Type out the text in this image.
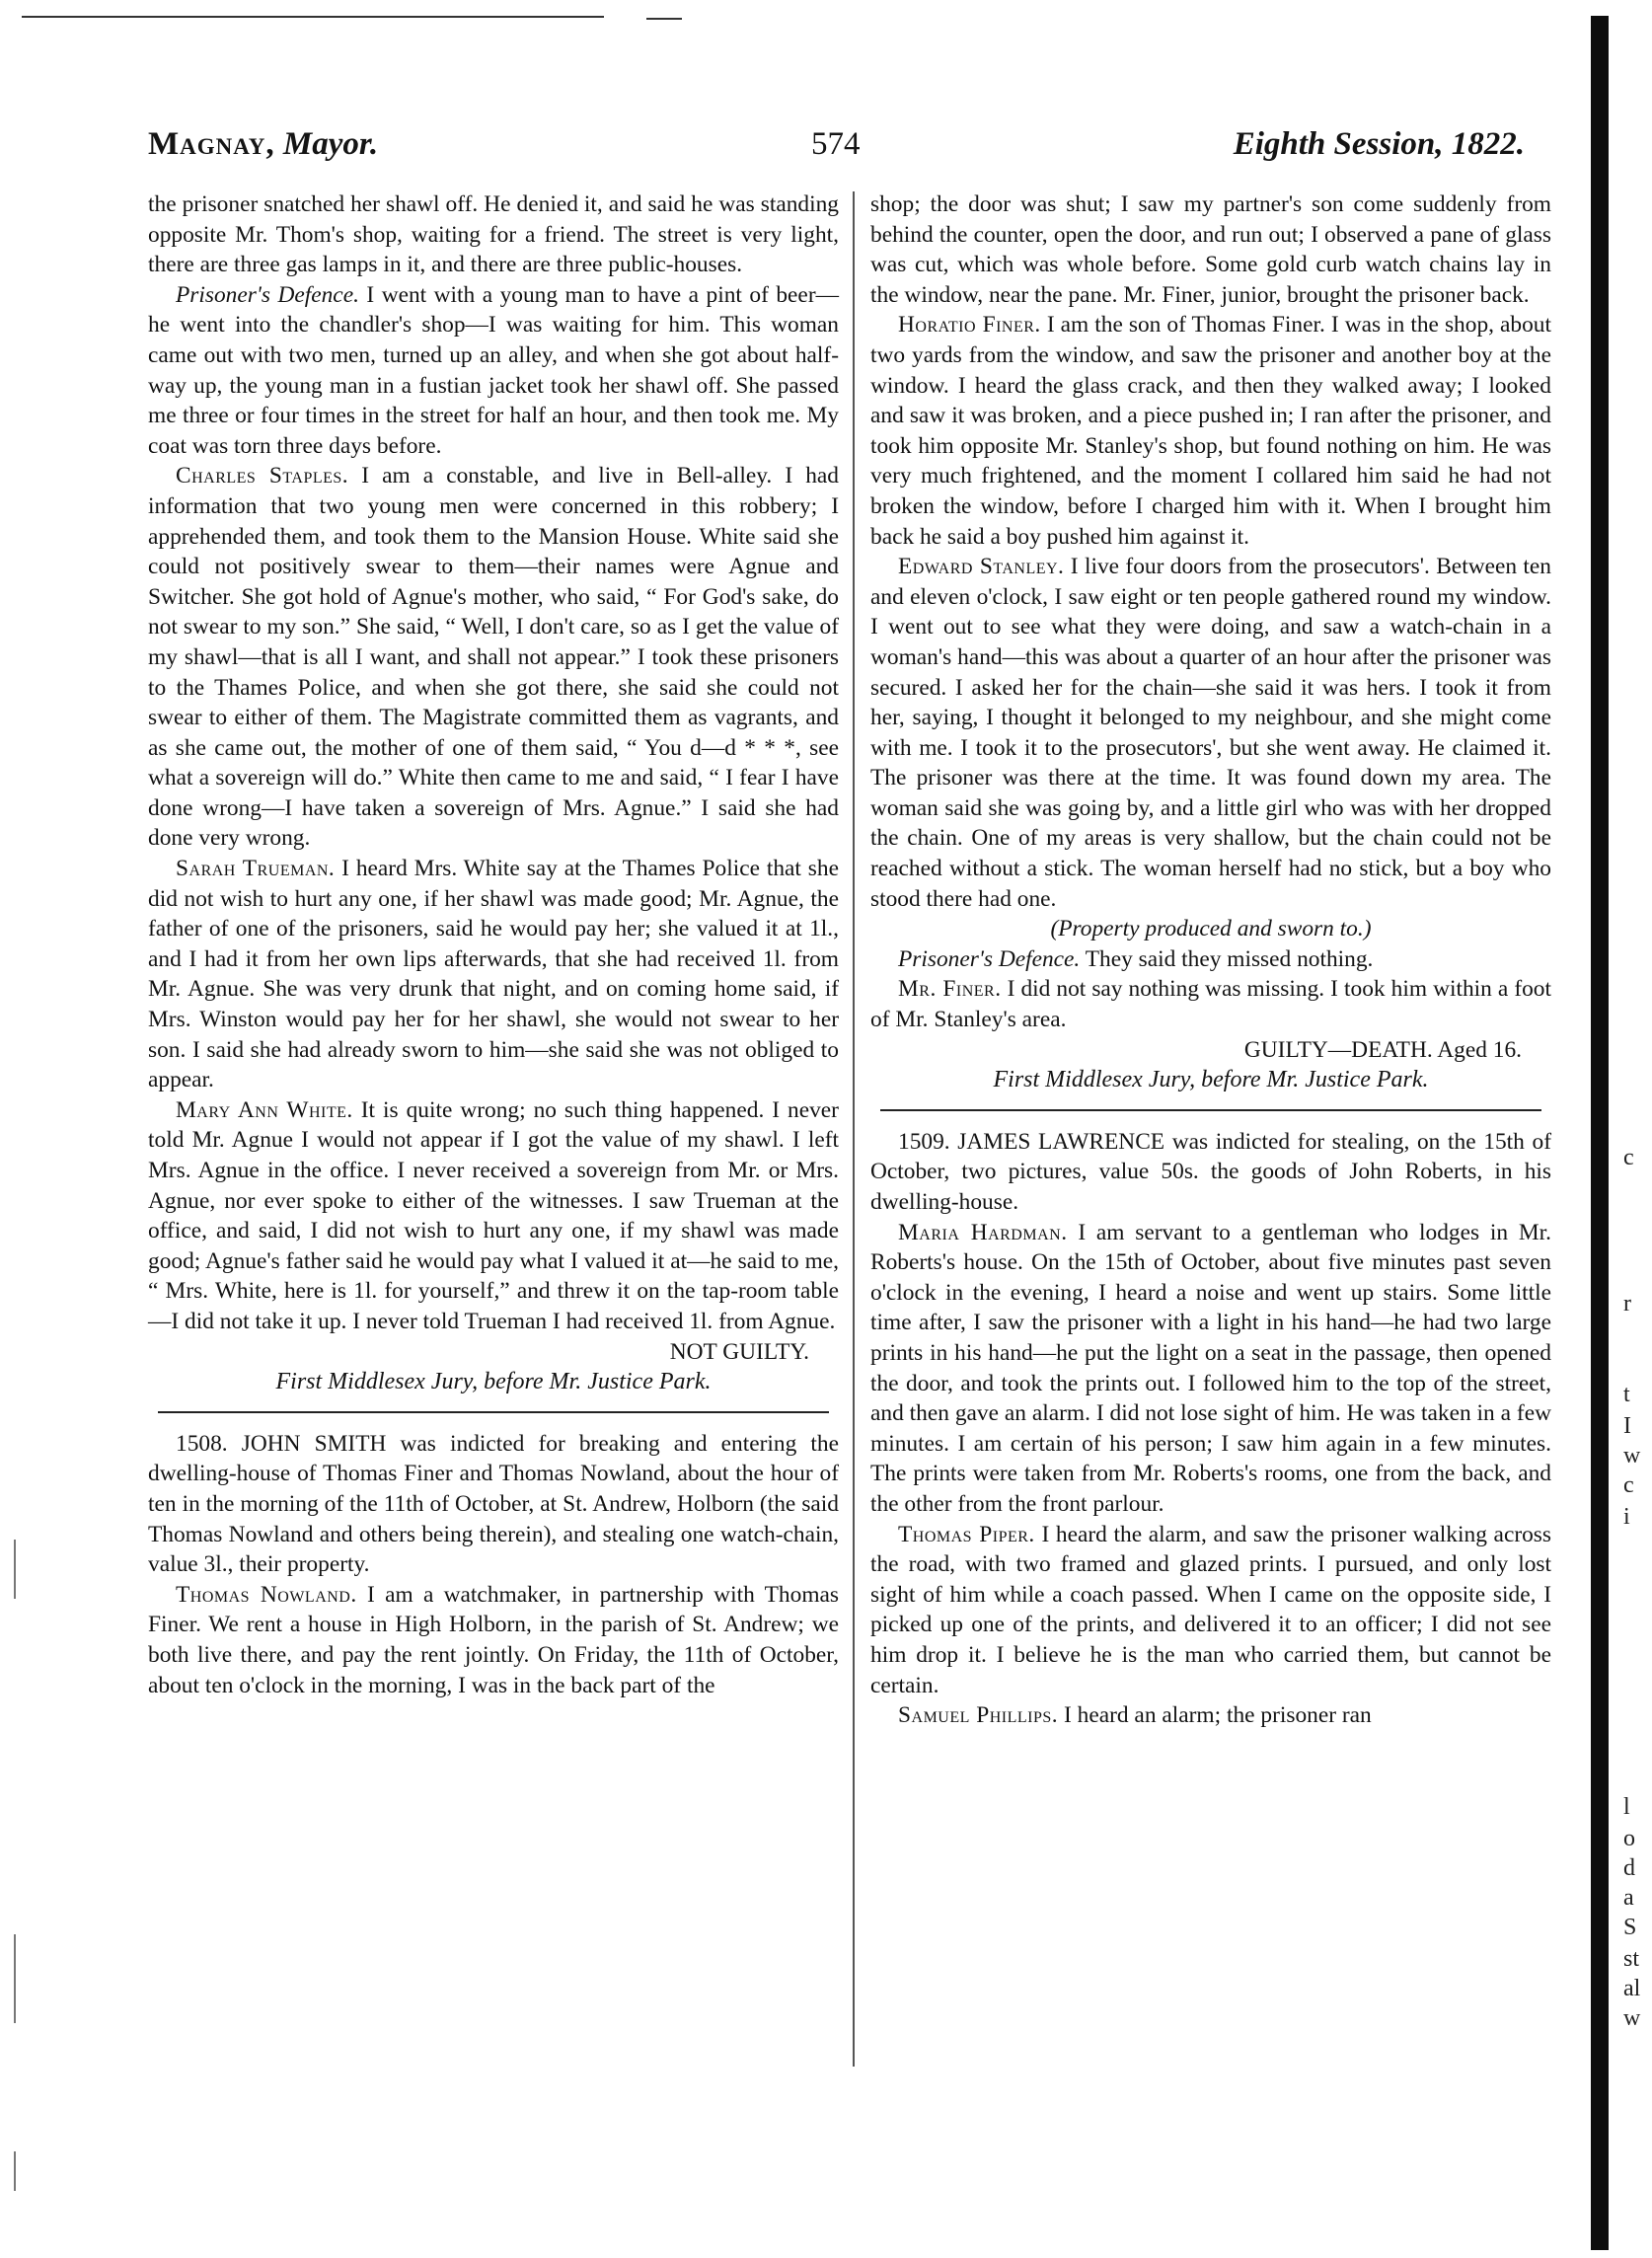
Magnay, Mayor.	574	Eighth Session, 1822.

the prisoner snatched her shawl off. He denied it, and said he was standing opposite Mr. Thom's shop, waiting for a friend. The street is very light, there are three gas lamps in it, and there are three public-houses.

Prisoner's Defence. I went with a young man to have a pint of beer—he went into the chandler's shop—I was waiting for him. This woman came out with two men, turned up an alley, and when she got about half-way up, the young man in a fustian jacket took her shawl off. She passed me three or four times in the street for half an hour, and then took me. My coat was torn three days before.

Charles Staples. I am a constable, and live in Bell-alley. I had information that two young men were concerned in this robbery; I apprehended them, and took them to the Mansion House. White said she could not positively swear to them—their names were Agnue and Switcher. She got hold of Agnue's mother, who said, “ For God's sake, do not swear to my son.” She said, “ Well, I don't care, so as I get the value of my shawl—that is all I want, and shall not appear.” I took these prisoners to the Thames Police, and when she got there, she said she could not swear to either of them. The Magistrate committed them as vagrants, and as she came out, the mother of one of them said, “ You d—d * * *, see what a sovereign will do.” White then came to me and said, “ I fear I have done wrong—I have taken a sovereign of Mrs. Agnue.” I said she had done very wrong.

Sarah Trueman. I heard Mrs. White say at the Thames Police that she did not wish to hurt any one, if her shawl was made good; Mr. Agnue, the father of one of the prisoners, said he would pay her; she valued it at 1l., and I had it from her own lips afterwards, that she had received 1l. from Mr. Agnue. She was very drunk that night, and on coming home said, if Mrs. Winston would pay her for her shawl, she would not swear to her son. I said she had already sworn to him—she said she was not obliged to appear.

Mary Ann White. It is quite wrong; no such thing happened. I never told Mr. Agnue I would not appear if I got the value of my shawl. I left Mrs. Agnue in the office. I never received a sovereign from Mr. or Mrs. Agnue, nor ever spoke to either of the witnesses. I saw Trueman at the office, and said, I did not wish to hurt any one, if my shawl was made good; Agnue's father said he would pay what I valued it at—he said to me, “ Mrs. White, here is 1l. for yourself,” and threw it on the tap-room table—I did not take it up. I never told Trueman I had received 1l. from Agnue.

NOT GUILTY.

First Middlesex Jury, before Mr. Justice Park.

1508. JOHN SMITH was indicted for breaking and entering the dwelling-house of Thomas Finer and Thomas Nowland, about the hour of ten in the morning of the 11th of October, at St. Andrew, Holborn (the said Thomas Nowland and others being therein), and stealing one watch-chain, value 3l., their property.

Thomas Nowland. I am a watchmaker, in partnership with Thomas Finer. We rent a house in High Holborn, in the parish of St. Andrew; we both live there, and pay the rent jointly. On Friday, the 11th of October, about ten o'clock in the morning, I was in the back part of the

shop; the door was shut; I saw my partner's son come suddenly from behind the counter, open the door, and run out; I observed a pane of glass was cut, which was whole before. Some gold curb watch chains lay in the window, near the pane. Mr. Finer, junior, brought the prisoner back.

Horatio Finer. I am the son of Thomas Finer. I was in the shop, about two yards from the window, and saw the prisoner and another boy at the window. I heard the glass crack, and then they walked away; I looked and saw it was broken, and a piece pushed in; I ran after the prisoner, and took him opposite Mr. Stanley's shop, but found nothing on him. He was very much frightened, and the moment I collared him said he had not broken the window, before I charged him with it. When I brought him back he said a boy pushed him against it.

Edward Stanley. I live four doors from the prosecutors'. Between ten and eleven o'clock, I saw eight or ten people gathered round my window. I went out to see what they were doing, and saw a watch-chain in a woman's hand—this was about a quarter of an hour after the prisoner was secured. I asked her for the chain—she said it was hers. I took it from her, saying, I thought it belonged to my neighbour, and she might come with me. I took it to the prosecutors', but she went away. He claimed it. The prisoner was there at the time. It was found down my area. The woman said she was going by, and a little girl who was with her dropped the chain. One of my areas is very shallow, but the chain could not be reached without a stick. The woman herself had no stick, but a boy who stood there had one.

(Property produced and sworn to.)

Prisoner's Defence. They said they missed nothing.

Mr. Finer. I did not say nothing was missing. I took him within a foot of Mr. Stanley's area.

GUILTY—DEATH. Aged 16.

First Middlesex Jury, before Mr. Justice Park.

1509. JAMES LAWRENCE was indicted for stealing, on the 15th of October, two pictures, value 50s. the goods of John Roberts, in his dwelling-house.

Maria Hardman. I am servant to a gentleman who lodges in Mr. Roberts's house. On the 15th of October, about five minutes past seven o'clock in the evening, I heard a noise and went up stairs. Some little time after, I saw the prisoner with a light in his hand—he had two large prints in his hand—he put the light on a seat in the passage, then opened the door, and took the prints out. I followed him to the top of the street, and then gave an alarm. I did not lose sight of him. He was taken in a few minutes. I am certain of his person; I saw him again in a few minutes. The prints were taken from Mr. Roberts's rooms, one from the back, and the other from the front parlour.

Thomas Piper. I heard the alarm, and saw the prisoner walking across the road, with two framed and glazed prints. I pursued, and only lost sight of him while a coach passed. When I came on the opposite side, I picked up one of the prints, and delivered it to an officer; I did not see him drop it. I believe he is the man who carried them, but cannot be certain.

Samuel Phillips. I heard an alarm; the prisoner ran

c
r
t
I
w
c
i
l
o
d
a
S
st
al
w
